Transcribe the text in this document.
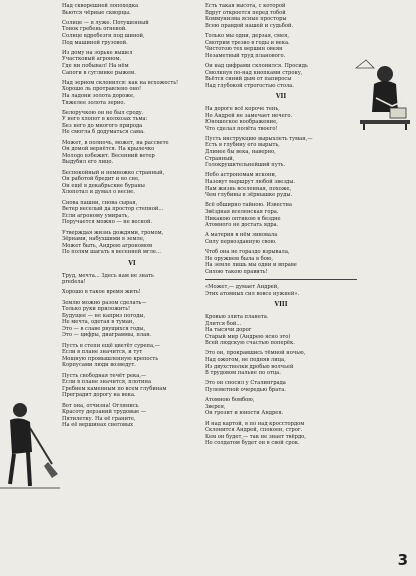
Над скворешней лопоходка
Вьются чёрные скворцы.

Солнце — в луже. Потушенный
Тонок гребень огневой.
Солнце вдребезги под шиной,
Под машиной грузовой.

Из дому на зорьке вышел
Участковый агроном.
Где ни побывал! На нём
Сапоги в суглинке рыжем.

Над зерном склонился: как на всхожесть!
Хорошо ль протравлено оно!
На ладони золота дороже,
Тяжелее золота зерно.

Белоручкою он не был сроду.
У него хлопот в колхозах тьма:
Без него до многого природа
Не смогла б додуматься сама.

Может, в полночь, может, на рассвете
Он домой вернётся. На крылечко
Молодо взбежит. Весенний ветер
Выдубил его лицо.

Беспокойный и немножко странный,
Он работой бредит и во сне,
Он ещё в декабрьские бураны
Хлопотал и думал о весне.

Снова пашни, снова сырая,
Ветер веселый да простор степной...
Если агроному умирать,
Поручается можно — не весной.

Утверждая жизнь дождями, громом,
Зёрнами, набухшими в земле,
Может быть, Андрею агрономом
По полям шагать в весенней мгле...

VI

Труд, мечта... Здесь нам не знать
predела!

Хорошо в такое время жить!

Землю можно разом сделать—
Только руки приложить!
Будущее — не каприз погоды,
Не мечта, одетая в туман,
Это — в славе рвущихся годы,
Это — цифры, диаграммы, план.

Пусть в степи ещё цветёт сурепа,—
Если в плане значится, и тут
Мощную промышленную крепость
Корпусами люди возведут.

Пусть свободная течёт река,—
Если в плане значится, плотина
Гребнем каменным по всем глубинам
Преградит дорогу на века.

Вот она, отчизна! Оглянись
Красоту дерзаний трудовые —
Пятилетку. На её гранитe,
На её вершинах снеговых

Есть такая высота, с которой
Вдруг откроется перед тобой
Коммунизма ясные просторы
Всею правдой нашей и судьбой.

Только мы одни, дерзая, смея,
Смотрим трезво в годы и века.
Чистотою тех вершин овеян
Незаметный труд планового.

Он над цифрами склонился. Просидь
Смолкнув по-над кнопками строку,
Вьётся синий дым от папиросы
Над глубокой строгостью стола.

VII

На дороге всё короче тень,
Но Андрей не замечает нечего.
Юношеское воображение,
Что сделал полёта твоего!

Пусть инструкцию вырыхлеть туман,—
Есть в глубину его вырыть,
Длинее бы века, наверно,
Странный,
Голокрушительнейший путь.

Небо астрономам искони,
Назовут маршрут любой звезды.
Нам жизнь вселенная, похоже,
Чем глубины в зёрнышке руды.

Всё обширно тайною. Известна
Звёздная вселенская гора.
Никакою оптикою в бездне
Атомного не достать ядра.

А материя в нём зиновала
Силу первозданную свою.

Чтоб она не гораздо взрывала,
Не оружием была в бою,
На земле лишь мы одни и вправе
Силою такою править!

«Может,— думает Андрей,
Этих атомных сил вовсе нужней».

VIII

Кровью злита планета.
Длится бой...
На тысячи дорог
Старый мир (Андрею ясно это)
Всей людскую счастью поперёк.

Это он, прокравшись тёмной ночью,
Над ожогом, не подняв лица,
Из двухстволки дробью волчьей
В трудовом пальне по отца.

Это он сносил у Сталинграда
Пулеметной очередью брата.

Атомною бомбою,
Зверея,
Он грозит и юности Андрея.

И над картой, в по над кросстордом
Склонится Андрей, спокоен, строг.
Кем он будет,— так не знает твёрдо,
Но солдатом будет он в свой срок.

3
